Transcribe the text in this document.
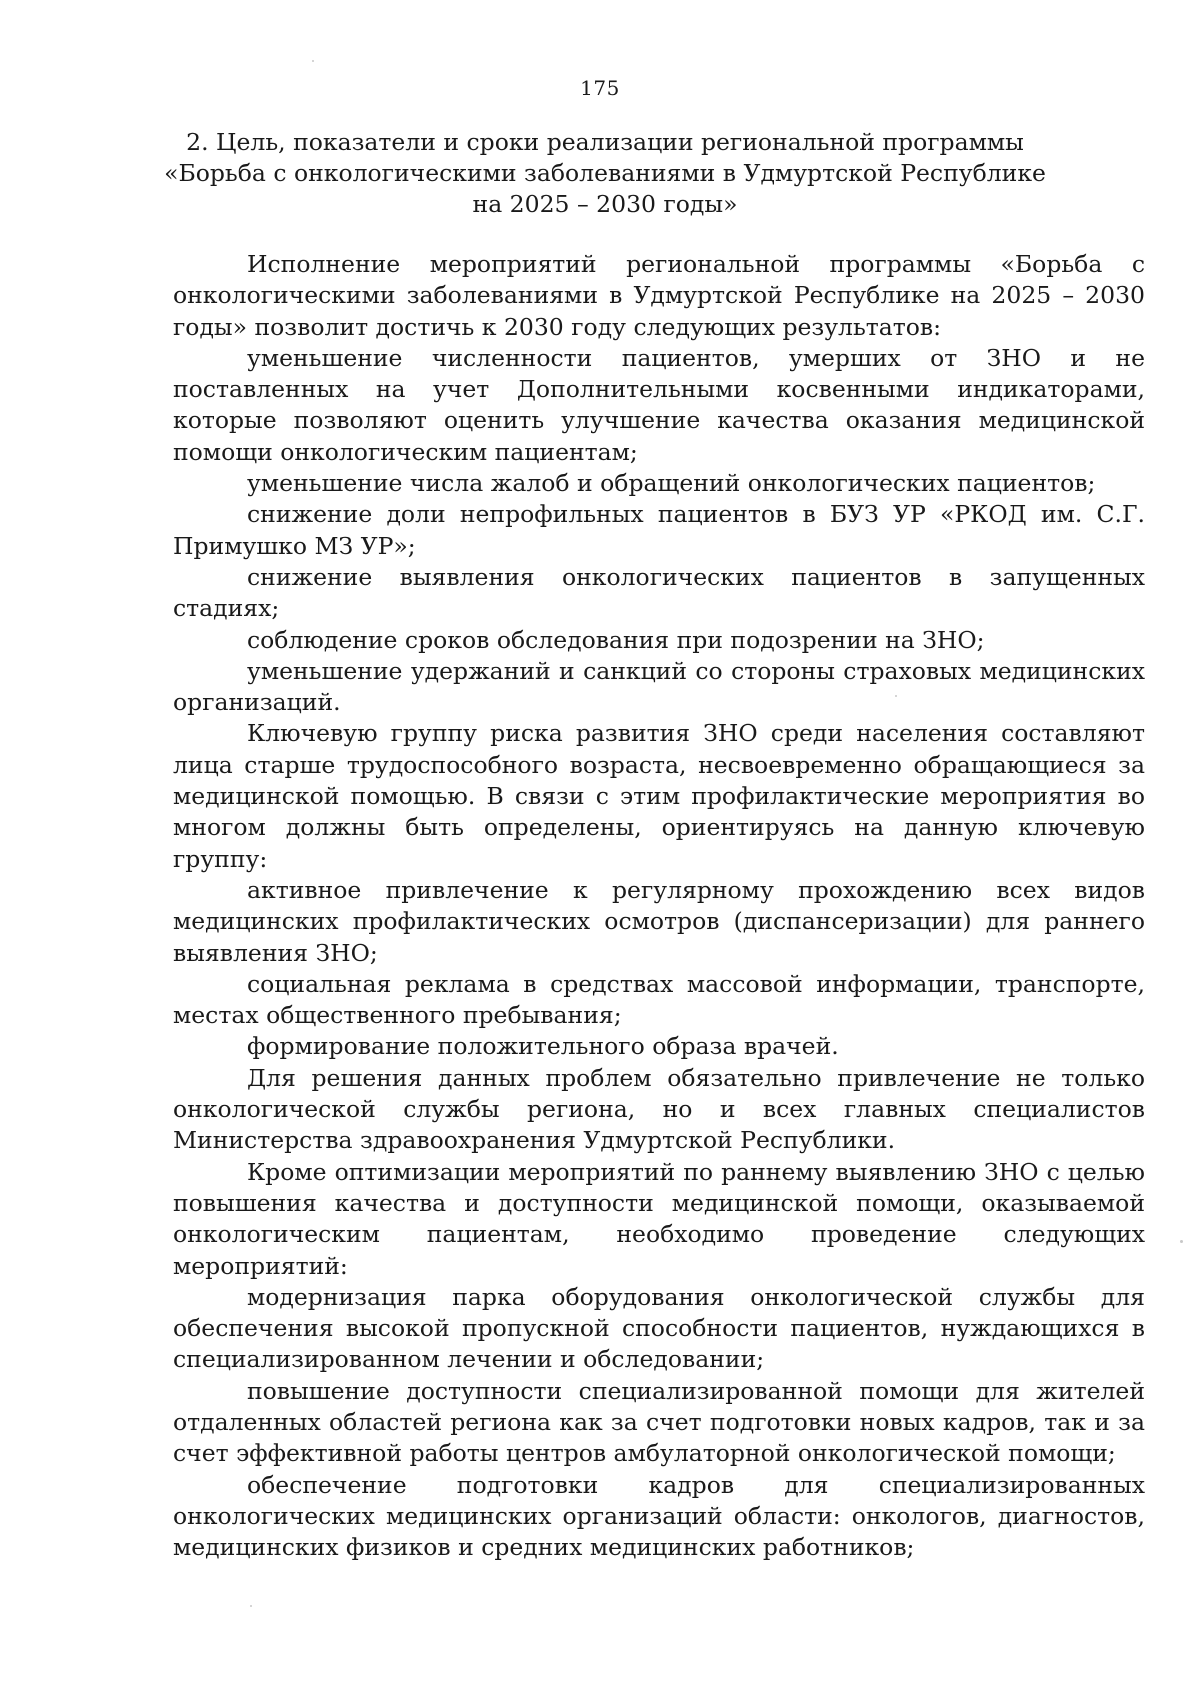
175
2. Цель, показатели и сроки реализации региональной программы
«Борьба с онкологическими заболеваниями в Удмуртской Республике
на 2025 – 2030 годы»

Исполнение мероприятий региональной программы «Борьба с онкологическими заболеваниями в Удмуртской Республике на 2025 – 2030 годы» позволит достичь к 2030 году следующих результатов:

уменьшение численности пациентов, умерших от ЗНО и не поставленных на учет Дополнительными косвенными индикаторами, которые позволяют оценить улучшение качества оказания медицинской помощи онкологическим пациентам;

уменьшение числа жалоб и обращений онкологических пациентов;

снижение доли непрофильных пациентов в БУЗ УР «РКОД им. С.Г. Примушко МЗ УР»;

снижение выявления онкологических пациентов в запущенных стадиях;

соблюдение сроков обследования при подозрении на ЗНО;

уменьшение удержаний и санкций со стороны страховых медицинских организаций.

Ключевую группу риска развития ЗНО среди населения составляют лица старше трудоспособного возраста, несвоевременно обращающиеся за медицинской помощью. В связи с этим профилактические мероприятия во многом должны быть определены, ориентируясь на данную ключевую группу:

активное привлечение к регулярному прохождению всех видов медицинских профилактических осмотров (диспансеризации) для раннего выявления ЗНО;

социальная реклама в средствах массовой информации, транспорте, местах общественного пребывания;

формирование положительного образа врачей.

Для решения данных проблем обязательно привлечение не только онкологической службы региона, но и всех главных специалистов Министерства здравоохранения Удмуртской Республики.

Кроме оптимизации мероприятий по раннему выявлению ЗНО с целью повышения качества и доступности медицинской помощи, оказываемой онкологическим пациентам, необходимо проведение следующих мероприятий:

модернизация парка оборудования онкологической службы для обеспечения высокой пропускной способности пациентов, нуждающихся в специализированном лечении и обследовании;

повышение доступности специализированной помощи для жителей отдаленных областей региона как за счет подготовки новых кадров, так и за счет эффективной работы центров амбулаторной онкологической помощи;

обеспечение подготовки кадров для специализированных онкологических медицинских организаций области: онкологов, диагностов, медицинских физиков и средних медицинских работников;
